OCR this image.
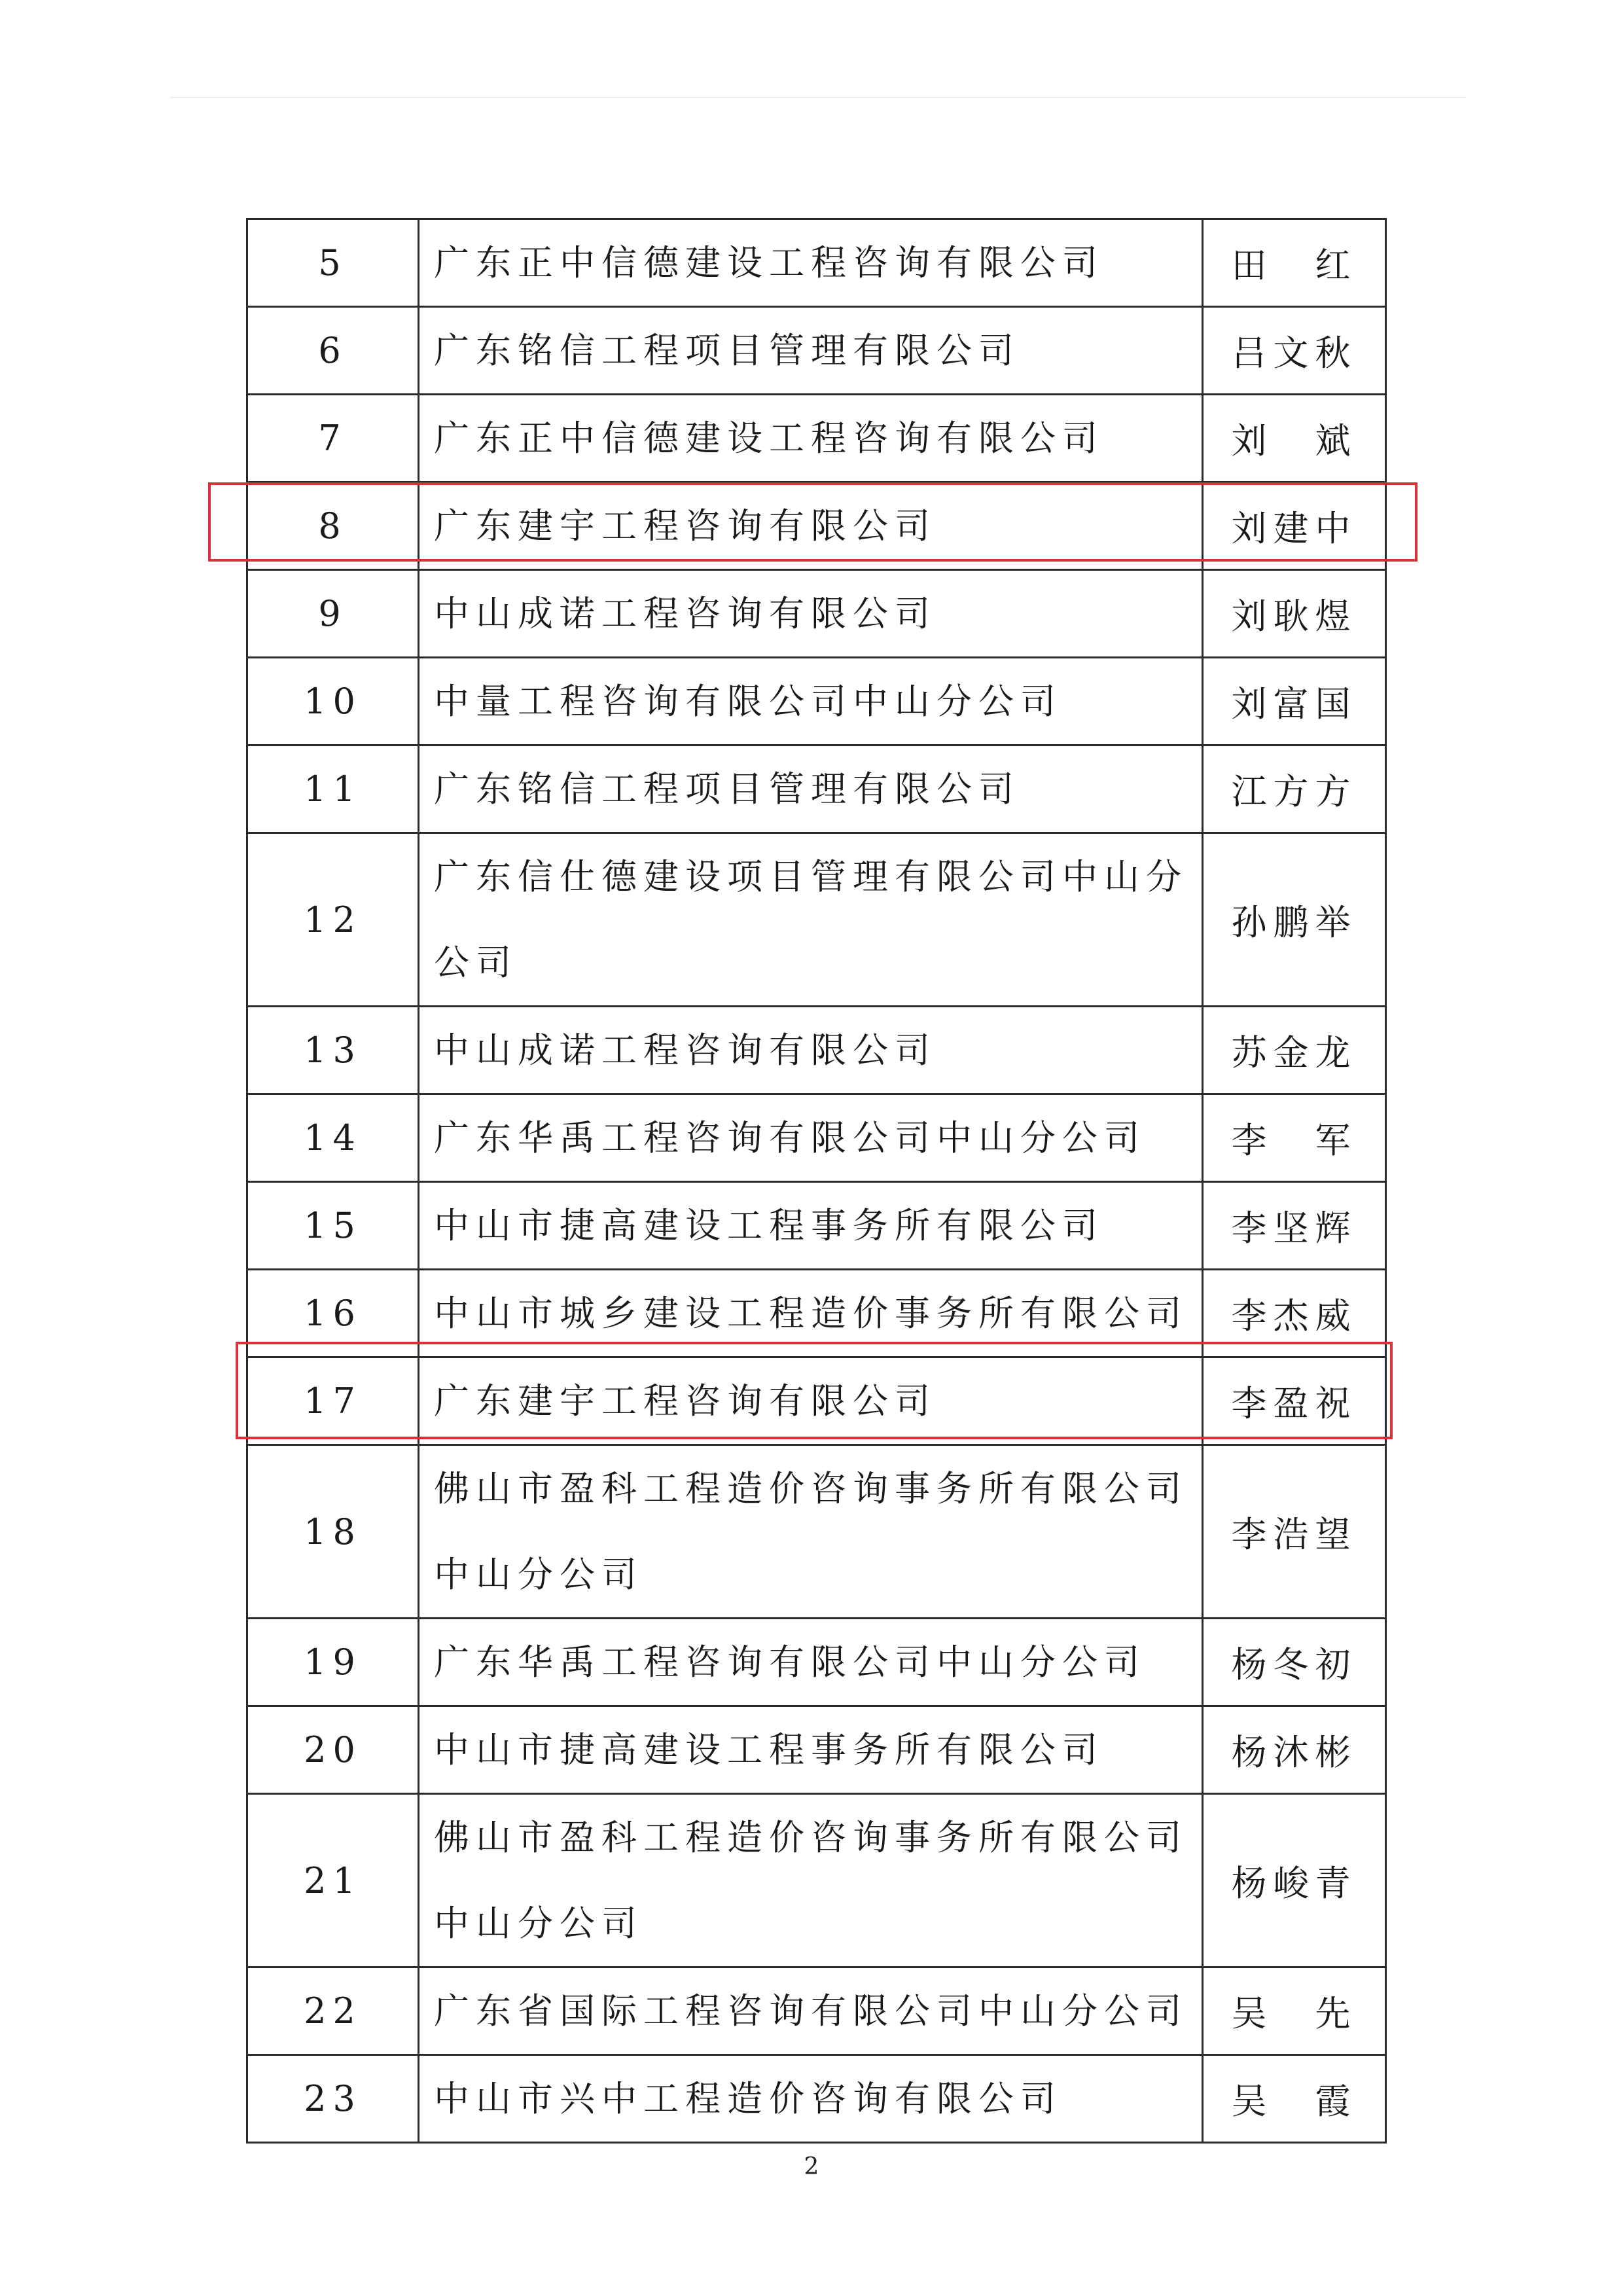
5	广东正中信德建设工程咨询有限公司	田　红
6	广东铭信工程项目管理有限公司	吕文秋
7	广东正中信德建设工程咨询有限公司	刘　斌
8	广东建宇工程咨询有限公司	刘建中
9	中山成诺工程咨询有限公司	刘耿煜
10	中量工程咨询有限公司中山分公司	刘富国
11	广东铭信工程项目管理有限公司	江方方
12	广东信仕德建设项目管理有限公司中山分公司	孙鹏举
13	中山成诺工程咨询有限公司	苏金龙
14	广东华禹工程咨询有限公司中山分公司	李　军
15	中山市捷高建设工程事务所有限公司	李坚辉
16	中山市城乡建设工程造价事务所有限公司	李杰威
17	广东建宇工程咨询有限公司	李盈祝
18	佛山市盈科工程造价咨询事务所有限公司中山分公司	李浩望
19	广东华禹工程咨询有限公司中山分公司	杨冬初
20	中山市捷高建设工程事务所有限公司	杨沐彬
21	佛山市盈科工程造价咨询事务所有限公司中山分公司	杨峻青
22	广东省国际工程咨询有限公司中山分公司	吴　先
23	中山市兴中工程造价咨询有限公司	吴　霞
2
